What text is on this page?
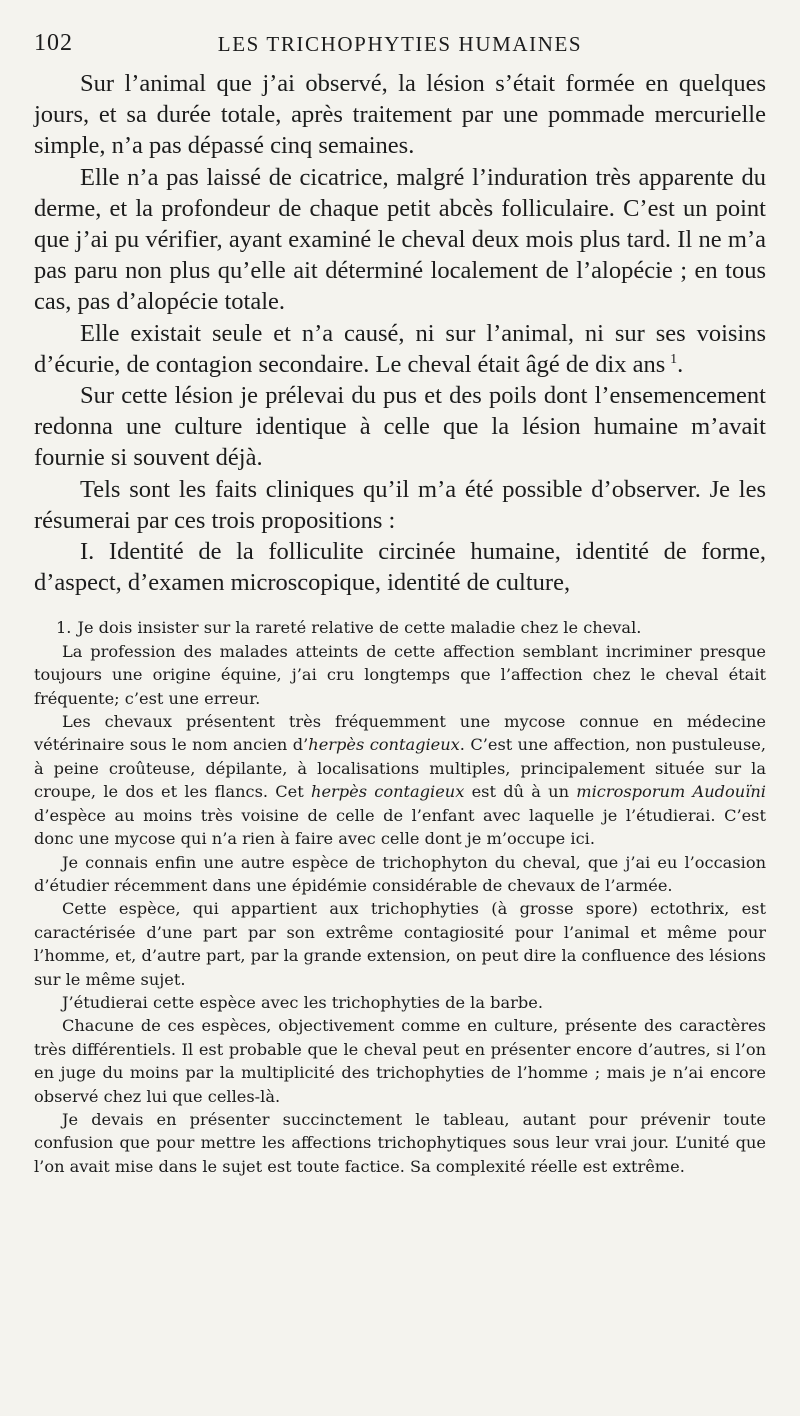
102	LES TRICHOPHYTIES HUMAINES

Sur l’animal que j’ai observé, la lésion s’était formée en quelques jours, et sa durée totale, après traitement par une pommade mercurielle simple, n’a pas dépassé cinq semaines.

Elle n’a pas laissé de cicatrice, malgré l’induration très apparente du derme, et la profondeur de chaque petit abcès folliculaire. C’est un point que j’ai pu vérifier, ayant examiné le cheval deux mois plus tard. Il ne m’a pas paru non plus qu’elle ait déterminé localement de l’alopécie ; en tous cas, pas d’alopécie totale.

Elle existait seule et n’a causé, ni sur l’animal, ni sur ses voisins d’écurie, de contagion secondaire. Le cheval était âgé de dix ans  $^1$.

Sur cette lésion je prélevai du pus et des poils dont l’ensemencement redonna une culture identique à celle que la lésion humaine m’avait fournie si souvent déjà.

Tels sont les faits cliniques qu’il m’a été possible d’observer. Je les résumerai par ces trois propositions :

I. Identité de la folliculite circinée humaine, identité de forme, d’aspect, d’examen microscopique, identité de culture,

1. Je dois insister sur la rareté relative de cette maladie chez le cheval.

La profession des malades atteints de cette affection semblant incriminer presque toujours une origine équine, j’ai cru longtemps que l’affection chez le cheval était fréquente; c’est une erreur.

Les chevaux présentent très fréquemment une mycose connue en médecine vétérinaire sous le nom ancien d’herpès contagieux. C’est une affection, non pustuleuse, à peine croûteuse, dépilante, à localisations multiples, principalement située sur la croupe, le dos et les flancs. Cet herpès contagieux est dû à un microsporum Audouïni d’espèce au moins très voisine de celle de l’enfant avec laquelle je l’étudierai. C’est donc une mycose qui n’a rien à faire avec celle dont je m’occupe ici.

Je connais enfin une autre espèce de trichophyton du cheval, que j’ai eu l’occasion d’étudier récemment dans une épidémie considérable de chevaux de l’armée.

Cette espèce, qui appartient aux trichophyties (à grosse spore) ectothrix, est caractérisée d’une part par son extrême contagiosité pour l’animal et même pour l’homme, et, d’autre part, par la grande extension, on peut dire la confluence des lésions sur le même sujet.

J’étudierai cette espèce avec les trichophyties de la barbe.

Chacune de ces espèces, objectivement comme en culture, présente des caractères très différentiels. Il est probable que le cheval peut en présenter encore d’autres, si l’on en juge du moins par la multiplicité des trichophyties de l’homme ; mais je n’ai encore observé chez lui que celles-là.

Je devais en présenter succinctement le tableau, autant pour prévenir toute confusion que pour mettre les affections trichophytiques sous leur vrai jour. L’unité que l’on avait mise dans le sujet est toute factice. Sa complexité réelle est extrême.
